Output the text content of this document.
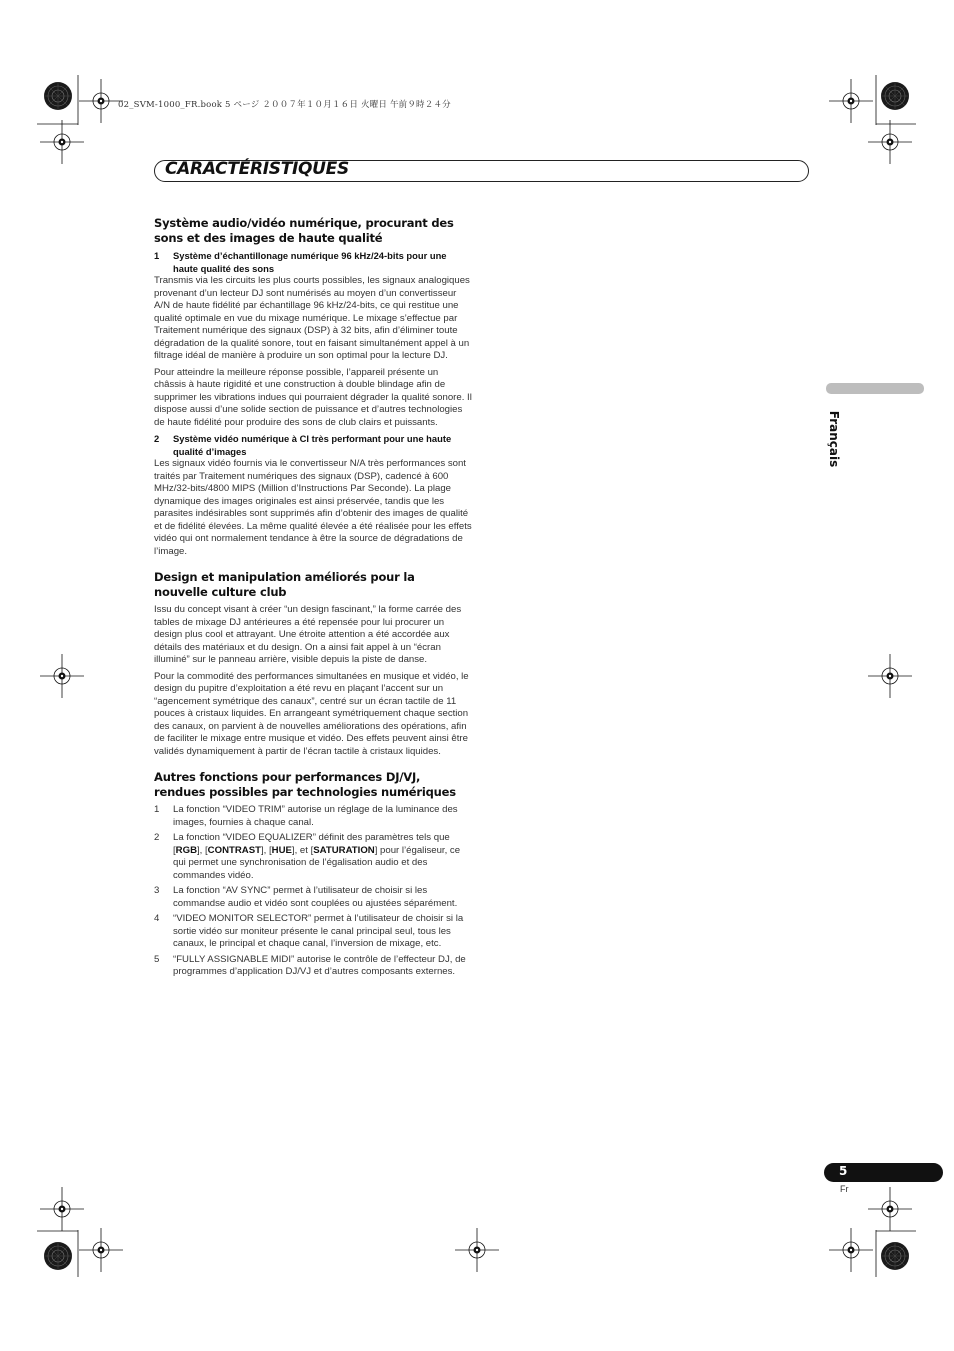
02_SVM-1000_FR.book 5 ページ ２００７年１０月１６日 火曜日 午前９時２４分
CARACTÉRISTIQUES
Système audio/vidéo numérique, procurant des sons et des images de haute qualité
1	Système d’échantillonage numérique 96 kHz/24-bits pour une haute qualité des sons

Transmis via les circuits les plus courts possibles, les signaux analogiques provenant d’un lecteur DJ sont numérisés au moyen d’un convertisseur A/N de haute fidélité par échantillage 96 kHz/24-bits, ce qui restitue une qualité optimale en vue du mixage numérique. Le mixage s’effectue par Traitement numérique des signaux (DSP) à 32 bits, afin d’éliminer toute dégradation de la qualité sonore, tout en faisant simultanément appel à un filtrage idéal de manière à produire un son optimal pour la lecture DJ.

Pour atteindre la meilleure réponse possible, l’appareil présente un châssis à haute rigidité et une construction à double blindage afin de supprimer les vibrations indues qui pourraient dégrader la qualité sonore. Il dispose aussi d’une solide section de puissance et d’autres technologies de haute fidélité pour produire des sons de club clairs et puissants.

2	Système vidéo numérique à CI très performant pour une haute qualité d’images

Les signaux vidéo fournis via le convertisseur N/A très performances sont traités par Traitement numériques des signaux (DSP), cadencé à 600 MHz/32-bits/4800 MIPS (Million d’Instructions Par Seconde). La plage dynamique des images originales est ainsi préservée, tandis que les parasites indésirables sont supprimés afin d’obtenir des images de qualité et de fidélité élevées. La même qualité élevée a été réalisée pour les effets vidéo qui ont normalement tendance à être la source de dégradations de l’image.

Design et manipulation améliorés pour la nouvelle culture club

Issu du concept visant à créer “un design fascinant,” la forme carrée des tables de mixage DJ antérieures a été repensée pour lui procurer un design plus cool et attrayant. Une étroite attention a été accordée aux détails des matériaux et du design. On a ainsi fait appel à un “écran illuminé” sur le panneau arrière, visible depuis la piste de danse.

Pour la commodité des performances simultanées en musique et vidéo, le design du pupitre d’exploitation a été revu en plaçant l’accent sur un “agencement symétrique des canaux”, centré sur un écran tactile de 11 pouces à cristaux liquides. En arrangeant symétriquement chaque section des canaux, on parvient à de nouvelles améliorations des opérations, afin de faciliter le mixage entre musique et vidéo. Des effets peuvent ainsi être validés dynamiquement à partir de l’écran tactile à cristaux liquides.

Autres fonctions pour performances DJ/VJ, rendues possibles par technologies numériques
1	La fonction “VIDEO TRIM” autorise un réglage de la luminance des images, fournies à chaque canal.
2	La fonction “VIDEO EQUALIZER” définit des paramètres tels que [RGB], [CONTRAST], [HUE], et [SATURATION] pour l’égaliseur, ce qui permet une synchronisation de l’égalisation audio et des commandes vidéo.
3	La fonction “AV SYNC” permet à l’utilisateur de choisir si les commandse audio et vidéo sont couplées ou ajustées séparément.
4	“VIDEO MONITOR SELECTOR” permet à l’utilisateur de choisir si la sortie vidéo sur moniteur présente le canal principal seul, tous les canaux, le principal et chaque canal, l’inversion de mixage, etc.
5	“FULLY ASSIGNABLE MIDI” autorise le contrôle de l’effecteur DJ, de programmes d’application DJ/VJ et d’autres composants externes.
Français
5
Fr
